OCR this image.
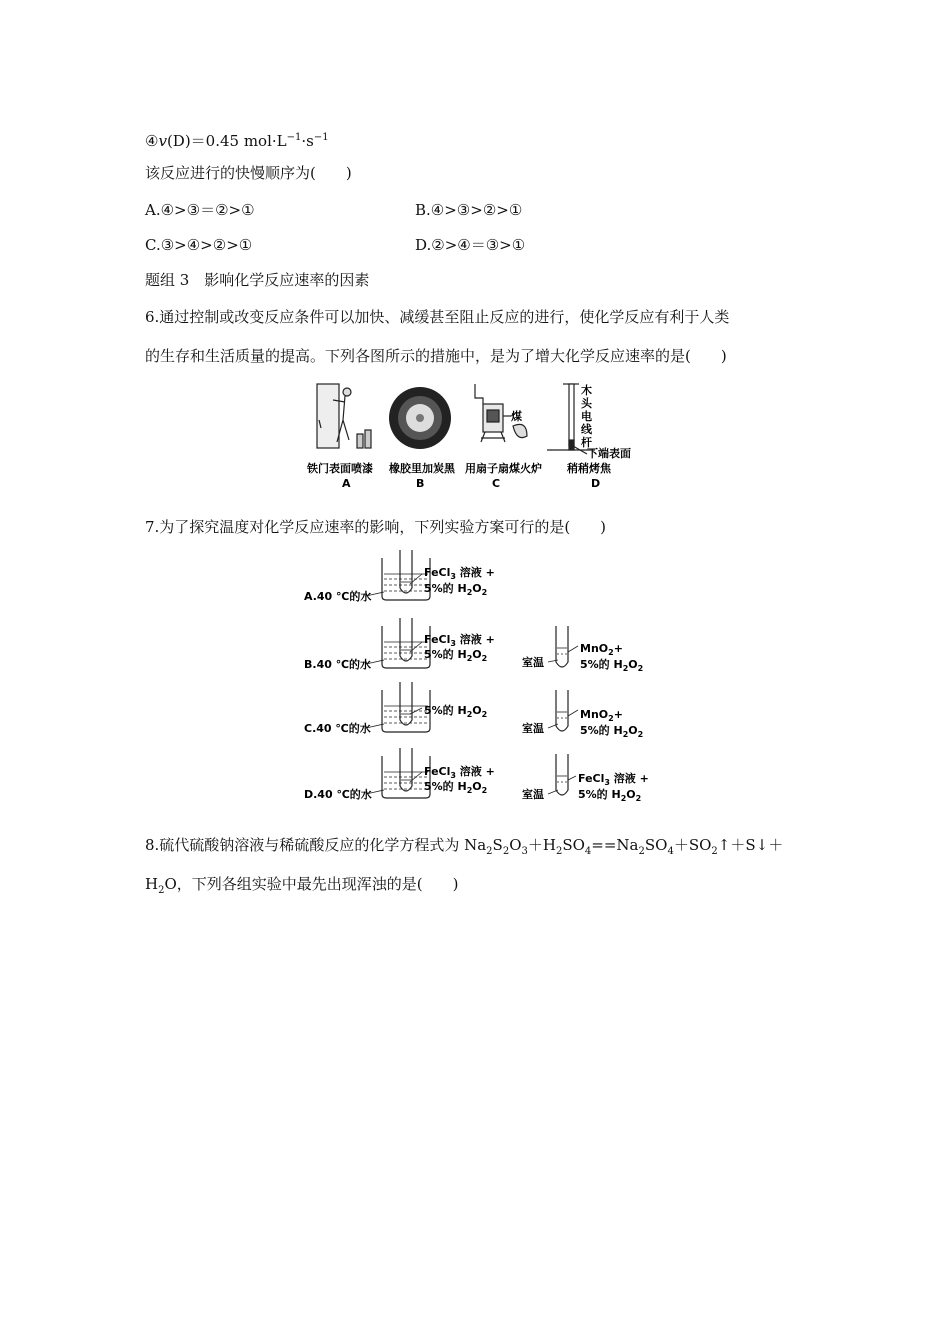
④v(D)＝0.45 $mol\cdot L^{-1}\cdot s^{-1}$
该反应进行的快慢顺序为(　　)
A.④>③＝②>①	B.④>③>②>①
C.③>④>②>①	D.②>④＝③>①
题组 3　影响化学反应速率的因素
6.通过控制或改变反应条件可以加快、减缓甚至阻止反应的进行，使化学反应有利于人类
的生存和生活质量的提高。下列各图所示的措施中，是为了增大化学反应速率的是(　　)
煤
木
头
电
线
杆
下端表面
铁门表面喷漆 橡胶里加炭黑 用扇子扇煤火炉 稍稍烤焦
A	B	C	D
7.为了探究温度对化学反应速率的影响，下列实验方案可行的是(　　)
A.40 ℃的水
FeCl$_3$ 溶液 +
5%的 $H_2O_2$
B.40 ℃的水
FeCl$_3$ 溶液 +
5%的 $H_2O_2$	室温
MnO$_2$+
5%的 $H_2O_2$
C.40 ℃的水
5%的 $H_2O_2$
室温
MnO$_2$+
5%的 $H_2O_2$
D.40 ℃的水
FeCl$_3$ 溶液 +
5%的 $H_2O_2$	室温
FeCl$_3$ 溶液 +
5%的 $H_2O_2$
8.硫代硫酸钠溶液与稀硫酸反应的化学方程式为 $Na_2S_2O_3+H_2SO_4==Na_2SO_4+SO_2↑+S↓+$
$H_2O$，下列各组实验中最先出现浑浊的是(　　)
